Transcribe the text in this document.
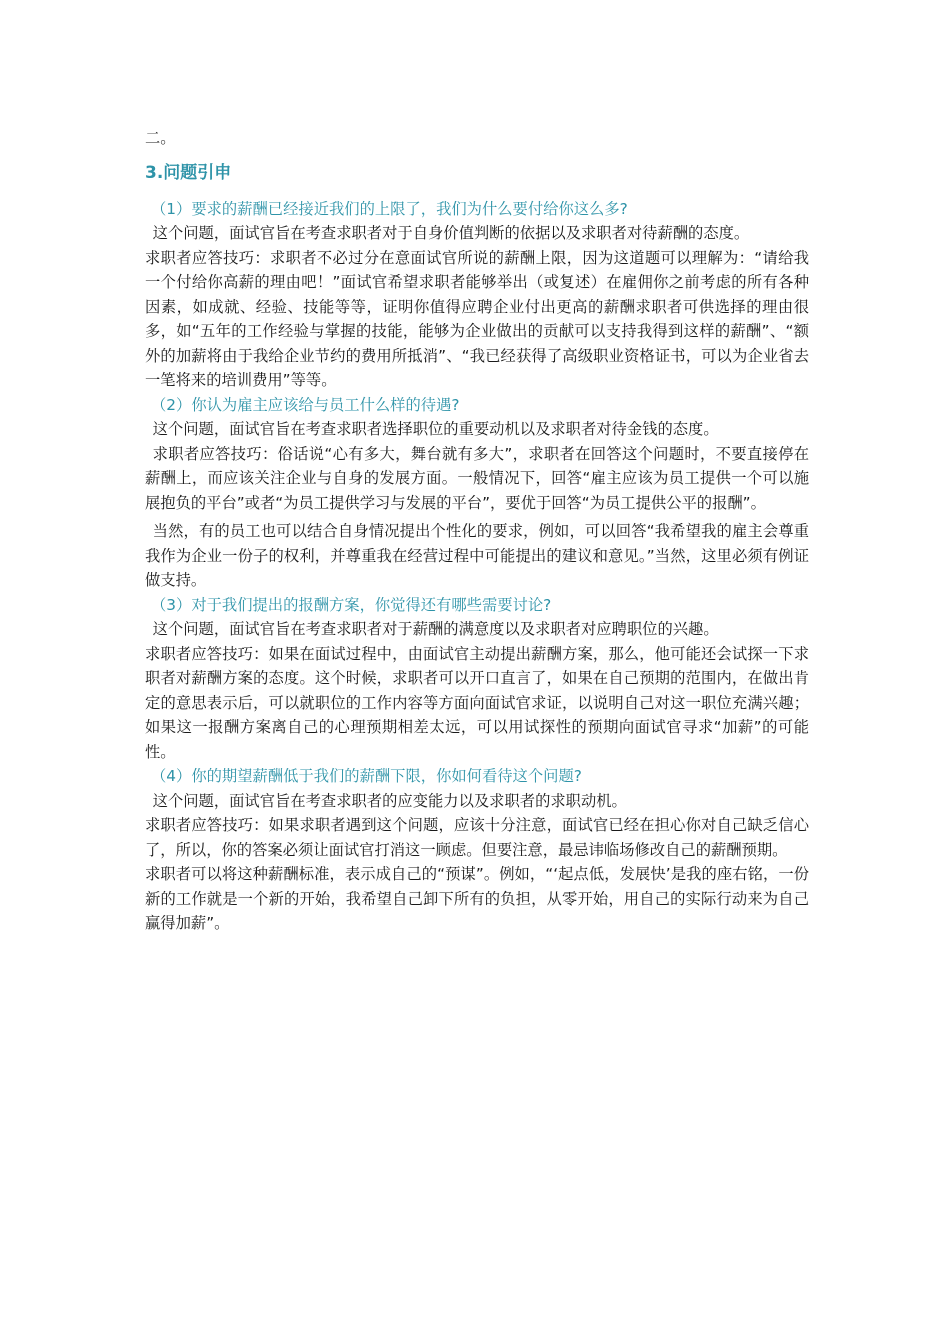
二。

3.问题引申
（1）要求的薪酬已经接近我们的上限了，我们为什么要付给你这么多?

这个问题，面试官旨在考查求职者对于自身价值判断的依据以及求职者对待薪酬的态度。

求职者应答技巧：求职者不必过分在意面试官所说的薪酬上限，因为这道题可以理解为：“请给我一个付给你高薪的理由吧！”面试官希望求职者能够举出（或复述）在雇佣你之前考虑的所有各种因素，如成就、经验、技能等等，证明你值得应聘企业付出更高的薪酬求职者可供选择的理由很多，如“五年的工作经验与掌握的技能，能够为企业做出的贡献可以支持我得到这样的薪酬”、“额外的加薪将由于我给企业节约的费用所抵消”、“我已经获得了高级职业资格证书，可以为企业省去一笔将来的培训费用”等等。

（2）你认为雇主应该给与员工什么样的待遇?

这个问题，面试官旨在考查求职者选择职位的重要动机以及求职者对待金钱的态度。

求职者应答技巧：俗话说“心有多大，舞台就有多大”，求职者在回答这个问题时，不要直接停在薪酬上，而应该关注企业与自身的发展方面。一般情况下，回答“雇主应该为员工提供一个可以施展抱负的平台”或者“为员工提供学习与发展的平台”，要优于回答“为员工提供公平的报酬”。

当然，有的员工也可以结合自身情况提出个性化的要求，例如，可以回答“我希望我的雇主会尊重我作为企业一份子的权利，并尊重我在经营过程中可能提出的建议和意见。”当然，这里必须有例证做支持。

（3）对于我们提出的报酬方案，你觉得还有哪些需要讨论?

这个问题，面试官旨在考查求职者对于薪酬的满意度以及求职者对应聘职位的兴趣。

求职者应答技巧：如果在面试过程中，由面试官主动提出薪酬方案，那么，他可能还会试探一下求职者对薪酬方案的态度。这个时候，求职者可以开口直言了，如果在自己预期的范围内，在做出肯定的意思表示后，可以就职位的工作内容等方面向面试官求证，以说明自己对这一职位充满兴趣；如果这一报酬方案离自己的心理预期相差太远，可以用试探性的预期向面试官寻求“加薪”的可能性。

（4）你的期望薪酬低于我们的薪酬下限，你如何看待这个问题?

这个问题，面试官旨在考查求职者的应变能力以及求职者的求职动机。

求职者应答技巧：如果求职者遇到这个问题，应该十分注意，面试官已经在担心你对自己缺乏信心了，所以，你的答案必须让面试官打消这一顾虑。但要注意，最忌讳临场修改自己的薪酬预期。

求职者可以将这种薪酬标准，表示成自己的“预谋”。例如，“‘起点低，发展快’是我的座右铭，一份新的工作就是一个新的开始，我希望自己卸下所有的负担，从零开始，用自己的实际行动来为自己赢得加薪”。
